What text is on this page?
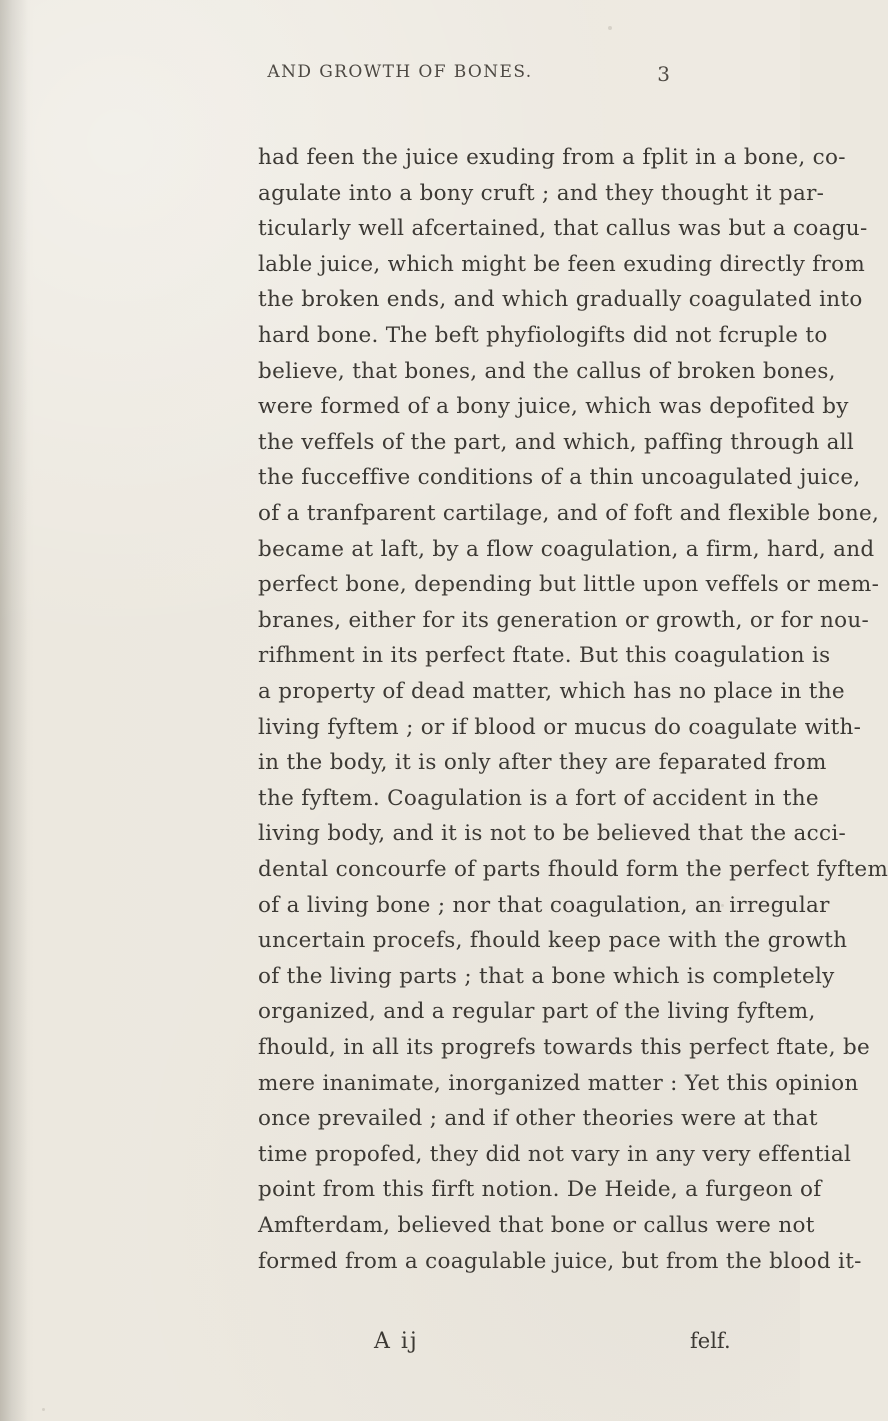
AND GROWTH OF BONES.	3
had feen the juice exuding from a fplit in a bone, co-
agulate into a bony cruft ; and they thought it par-
ticularly well afcertained, that callus was but a coagu-
lable juice, which might be feen exuding directly from
the broken ends, and which gradually coagulated into
hard bone. The beft phyfiologifts did not fcruple to
believe, that bones, and the callus of broken bones,
were formed of a bony juice, which was depofited by
the veffels of the part, and which, paffing through all
the fucceffive conditions of a thin uncoagulated juice,
of a tranfparent cartilage, and of foft and flexible bone,
became at laft, by a flow coagulation, a firm, hard, and
perfect bone, depending but little upon veffels or mem-
branes, either for its generation or growth, or for nou-
rifhment in its perfect ftate. But this coagulation is
a property of dead matter, which has no place in the
living fyftem ; or if blood or mucus do coagulate with-
in the body, it is only after they are feparated from
the fyftem. Coagulation is a fort of accident in the
living body, and it is not to be believed that the acci-
dental concourfe of parts fhould form the perfect fyftem
of a living bone ; nor that coagulation, an irregular
uncertain procefs, fhould keep pace with the growth
of the living parts ; that a bone which is completely
organized, and a regular part of the living fyftem,
fhould, in all its progrefs towards this perfect ftate, be
mere inanimate, inorganized matter : Yet this opinion
once prevailed ; and if other theories were at that
time propofed, they did not vary in any very effential
point from this firft notion. De Heide, a furgeon of
Amfterdam, believed that bone or callus were not
formed from a coagulable juice, but from the blood it-
A ij	felf.
